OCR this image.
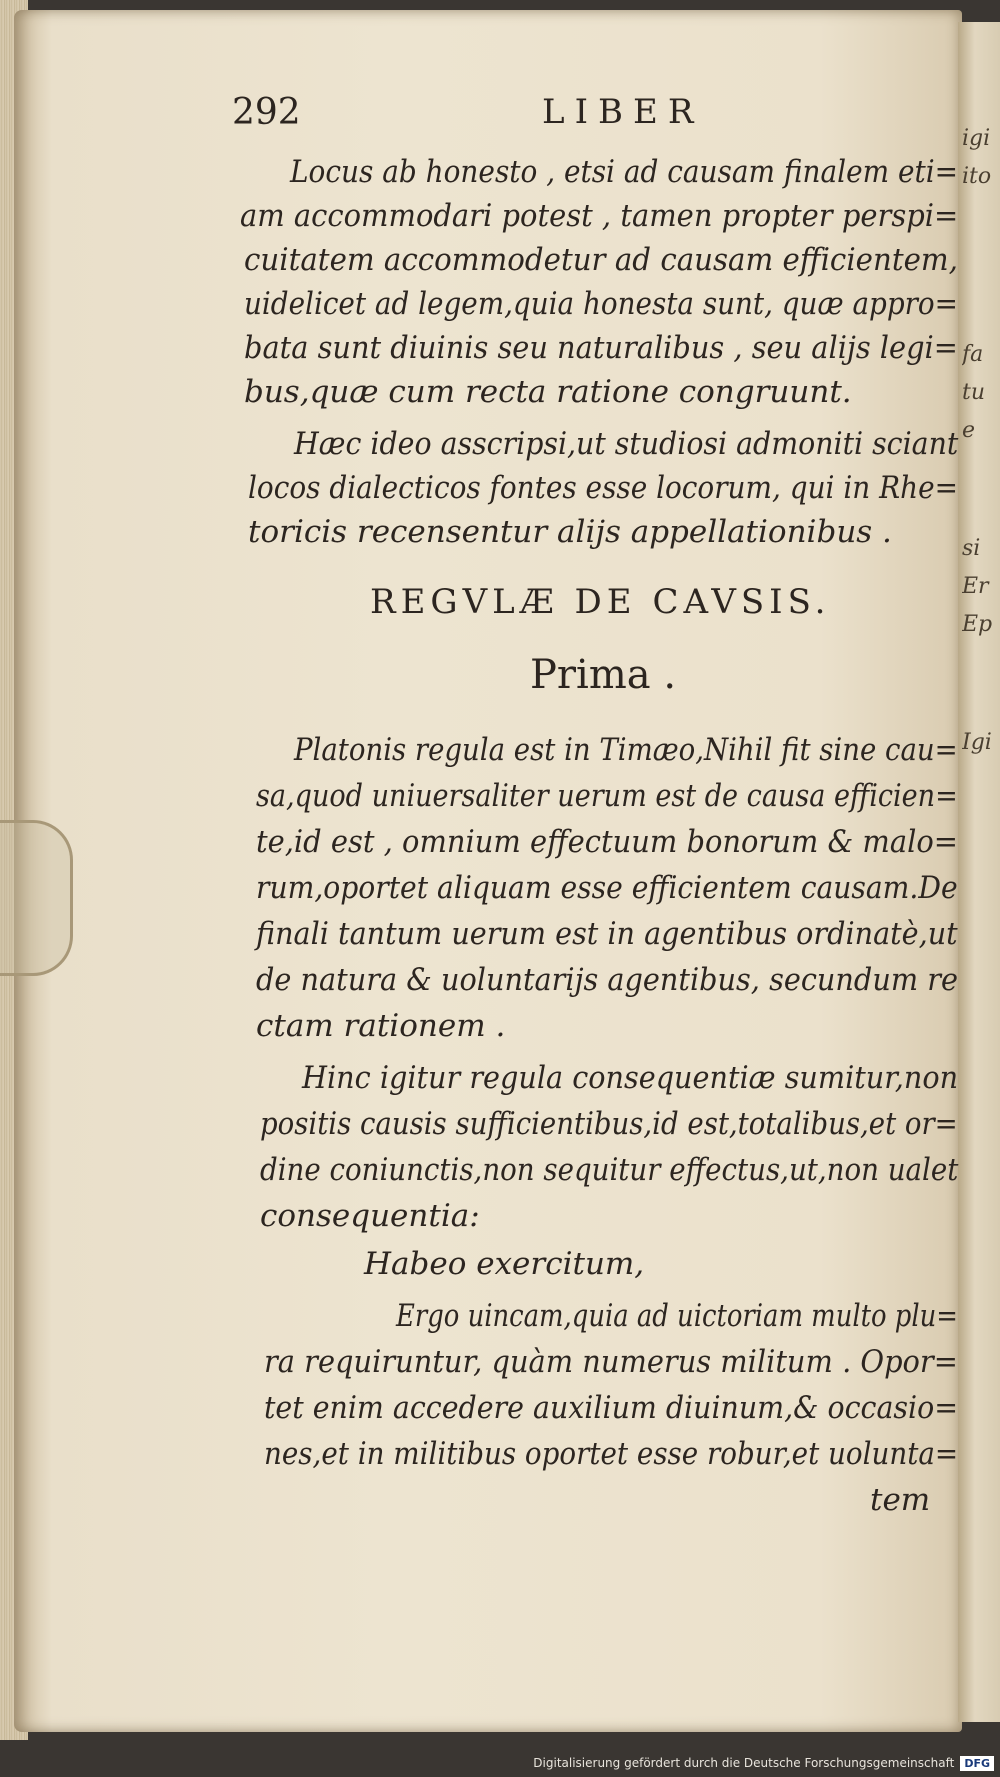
igi
ito
fa
tu
e
si
Er
Ep
Igi
292	LIBER
Locus ab honesto , etsi ad causam finalem eti=
am accommodari potest , tamen propter perspi=
cuitatem accommodetur ad causam efficientem,
uidelicet ad legem,quia honesta sunt, quæ appro=
bata sunt diuinis seu naturalibus , seu alijs legi=
bus,quæ cum recta ratione congruunt.
Hæc ideo asscripsi,ut studiosi admoniti sciant
locos dialecticos fontes esse locorum, qui in Rhe=
toricis recensentur alijs appellationibus .
REGVLÆ DE CAVSIS.
Prima .
Platonis regula est in Timæo,Nihil fit sine cau=
sa,quod uniuersaliter uerum est de causa efficien=
te,id est , omnium effectuum bonorum & malo=
rum,oportet aliquam esse efficientem causam.De
finali tantum uerum est in agentibus ordinatè,ut
de natura & uoluntarijs agentibus, secundum re
ctam rationem .
Hinc igitur regula consequentiæ sumitur,non
positis causis sufficientibus,id est,totalibus,et or=
dine coniunctis,non sequitur effectus,ut,non ualet
consequentia:
Habeo exercitum,
Ergo uincam,quia ad uictoriam multo plu=
ra requiruntur, quàm numerus militum . Opor=
tet enim accedere auxilium diuinum,& occasio=
nes,et in militibus oportet esse robur,et uolunta=
tem
Digitalisierung gefördert durch die Deutsche Forschungsgemeinschaft DFG
